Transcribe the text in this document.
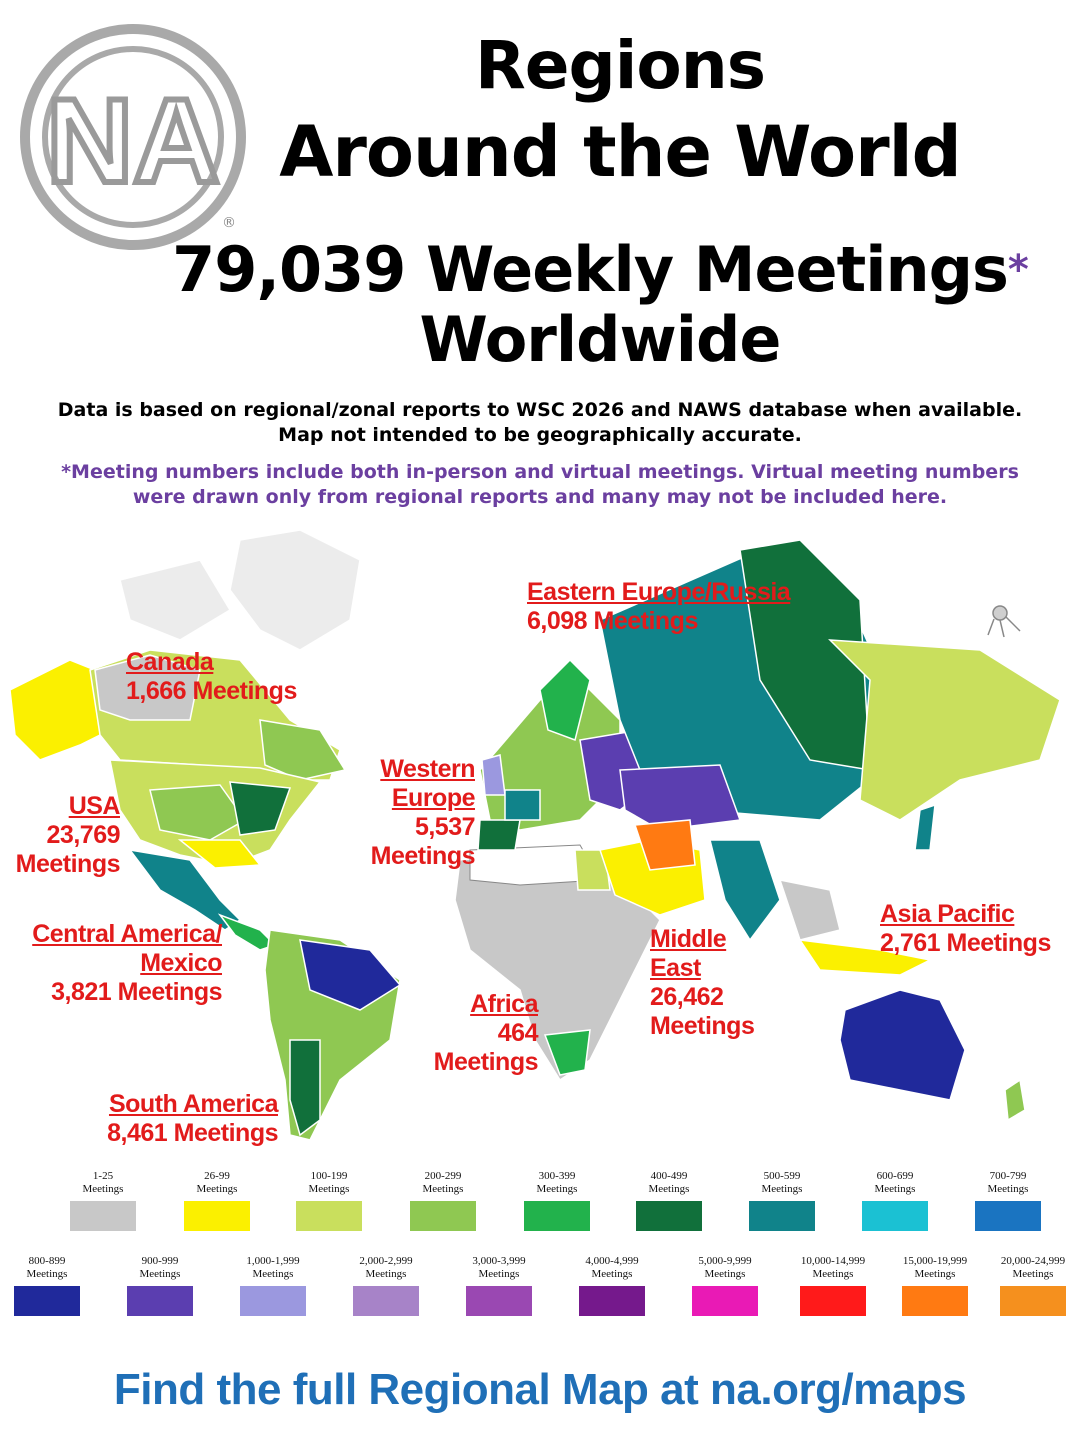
NA
®
Regions
Around the World
79,039 Weekly Meetings*
Worldwide
Data is based on regional/zonal reports to WSC 2026 and NAWS database when available.
Map not intended to be geographically accurate.
*Meeting numbers include both in-person and virtual meetings. Virtual meeting numbers
were drawn only from regional reports and many may not be included here.
Canada
1,666 Meetings
USA
23,769
Meetings
Central America/
Mexico
3,821 Meetings
South America
8,461 Meetings
Eastern Europe/Russia
6,098 Meetings
Western
Europe
5,537
Meetings
Africa
464
Meetings
Middle
East
26,462
Meetings
Asia Pacific
2,761 Meetings
1-25
Meetings
26-99
Meetings
100-199
Meetings
200-299
Meetings
300-399
Meetings
400-499
Meetings
500-599
Meetings
600-699
Meetings
700-799
Meetings
800-899
Meetings
900-999
Meetings
1,000-1,999
Meetings
2,000-2,999
Meetings
3,000-3,999
Meetings
4,000-4,999
Meetings
5,000-9,999
Meetings
10,000-14,999
Meetings
15,000-19,999
Meetings
20,000-24,999
Meetings
Find the full Regional Map at na.org/maps
